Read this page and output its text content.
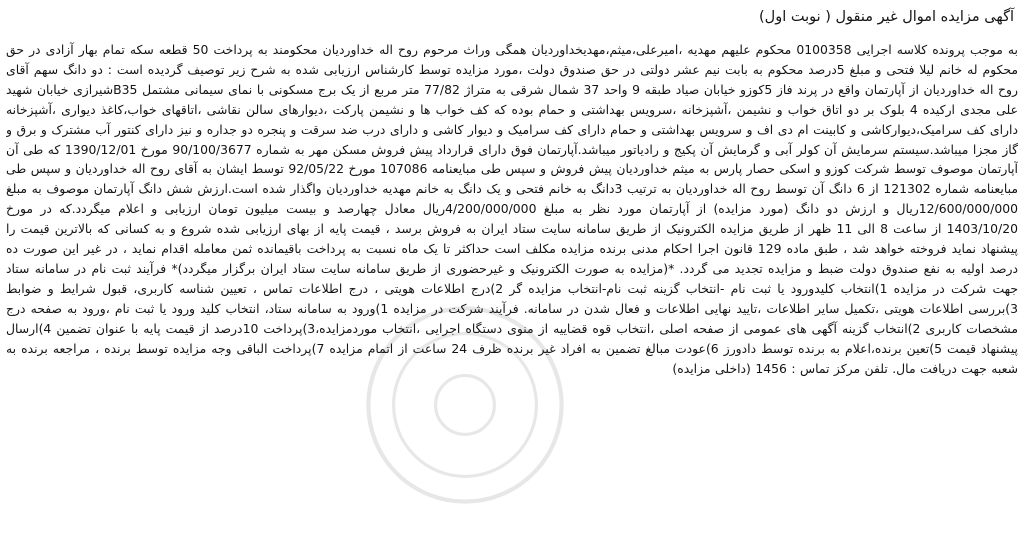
آگهی مزایده اموال غیر منقول ( نوبت اول)

به موجب پرونده کلاسه اجرایی 0100358 محکوم علیهم مهدیه ،امیرعلی،میثم،مهدیخداوردیان همگی وراث مرحوم روح اله خداوردیان محکومند به پرداخت 50 قطعه سکه تمام بهار آزادی در حق محکوم له خانم لیلا فتحی و مبلغ 5درصد محکوم به بابت نیم عشر دولتی در حق صندوق دولت ،مورد مزایده توسط کارشناس ارزیابی شده به شرح زیر توصیف گردیده است : دو دانگ سهم آقای روح اله خداوردیان از آپارتمان واقع در پرند فاز 5کوزو خیابان صیاد طبقه 9 واحد 37 شمال شرقی به متراژ 77/82 متر مربع از یک برج مسکونی با نمای سیمانی مشتمل B35شیرازی خیابان شهید علی مجدی ارکیده 4 بلوک بر دو اتاق خواب و نشیمن ،آشپزخانه ،سرویس بهداشتی و حمام بوده که کف خواب ها و نشیمن پارکت ،دیوارهای سالن نقاشی ،اتاقهای خواب،کاغذ دیواری ،آشپزخانه دارای کف سرامیک،دیوارکاشی و کابینت ام دی اف و سرویس بهداشتی و حمام دارای کف سرامیک و دیوار کاشی و دارای درب ضد سرقت و پنجره دو جداره و نیز دارای کنتور آب مشترک و برق و گاز مجزا میباشد.سیستم سرمایش آن کولر آبی و گرمایش آن پکیج و رادیاتور میباشد.آپارتمان فوق دارای قرارداد پیش فروش مسکن مهر به شماره 90/100/3677 مورخ 1390/12/01 که طی آن آپارتمان موصوف توسط شرکت کوزو و اسکی حصار پارس به میثم خداوردیان پیش فروش و سپس طی مبایعنامه 107086 مورخ 92/05/22 توسط ایشان به آقای روح اله خداوردیان و سپس طی مبایعنامه شماره 121302 از 6 دانگ آن توسط روح اله خداوردیان به ترتیب 3دانگ به خانم فتحی و یک دانگ به خانم مهدیه خداوردیان واگذار شده است.ارزش شش دانگ آپارتمان موصوف به مبلغ 12/600/000/000ریال و ارزش دو دانگ (مورد مزایده) از آپارتمان مورد نظر به مبلغ 4/200/000/000ریال معادل چهارصد و بیست میلیون تومان ارزیابی و اعلام میگردد.که در مورخ 1403/10/20 از ساعت 8 الی 11 ظهر از طریق مزایده الکترونیک از طریق سامانه سایت ستاد ایران به فروش برسد ، قیمت پایه از بهای ارزیابی شده شروع و به کسانی که بالاترین قیمت را پیشنهاد نماید فروخته خواهد شد ، طبق ماده 129 قانون اجرا احکام مدنی برنده مزایده مکلف است حداکثر تا یک ماه نسبت به پرداخت باقیمانده ثمن معامله اقدام نماید ، در غیر این صورت ده درصد اولیه به نفع صندوق دولت ضبط و مزایده تجدید می گردد. *(مزایده به صورت الکترونیک و غیرحضوری از طریق سامانه سایت ستاد ایران برگزار میگردد)* فرآیند ثبت نام در سامانه ستاد جهت شرکت در مزایده 1)انتخاب کلیدورود یا ثبت نام -انتخاب گزینه ثبت نام-انتخاب مزایده گر 2)درج اطلاعات هویتی ، درج اطلاعات تماس ، تعیین شناسه کاربری، قبول شرایط و ضوابط 3)بررسی اطلاعات هویتی ،تکمیل سایر اطلاعات ،تایید نهایی اطلاعات و فعال شدن در سامانه. فرآیند شرکت در مزایده 1)ورود به سامانه ستاد، انتخاب کلید ورود یا ثبت نام ،ورود به صفحه درج مشخصات کاربری 2)انتخاب گزینه آگهی های عمومی از صفحه اصلی ،انتخاب قوه قضاییه از منوی دستگاه اجرایی ،انتخاب موردمزایده،3)پرداخت 10درصد از قیمت پایه با عنوان تضمین 4)ارسال پیشنهاد قیمت 5)تعین برنده،اعلام به برنده توسط دادورز 6)عودت مبالغ تضمین به افراد غیر برنده ظرف 24 ساعت از اتمام مزایده 7)پرداخت الباقی وجه مزایده توسط برنده ، مراجعه برنده به شعبه جهت دریافت مال. تلفن مرکز تماس : 1456 (داخلی مزایده)
